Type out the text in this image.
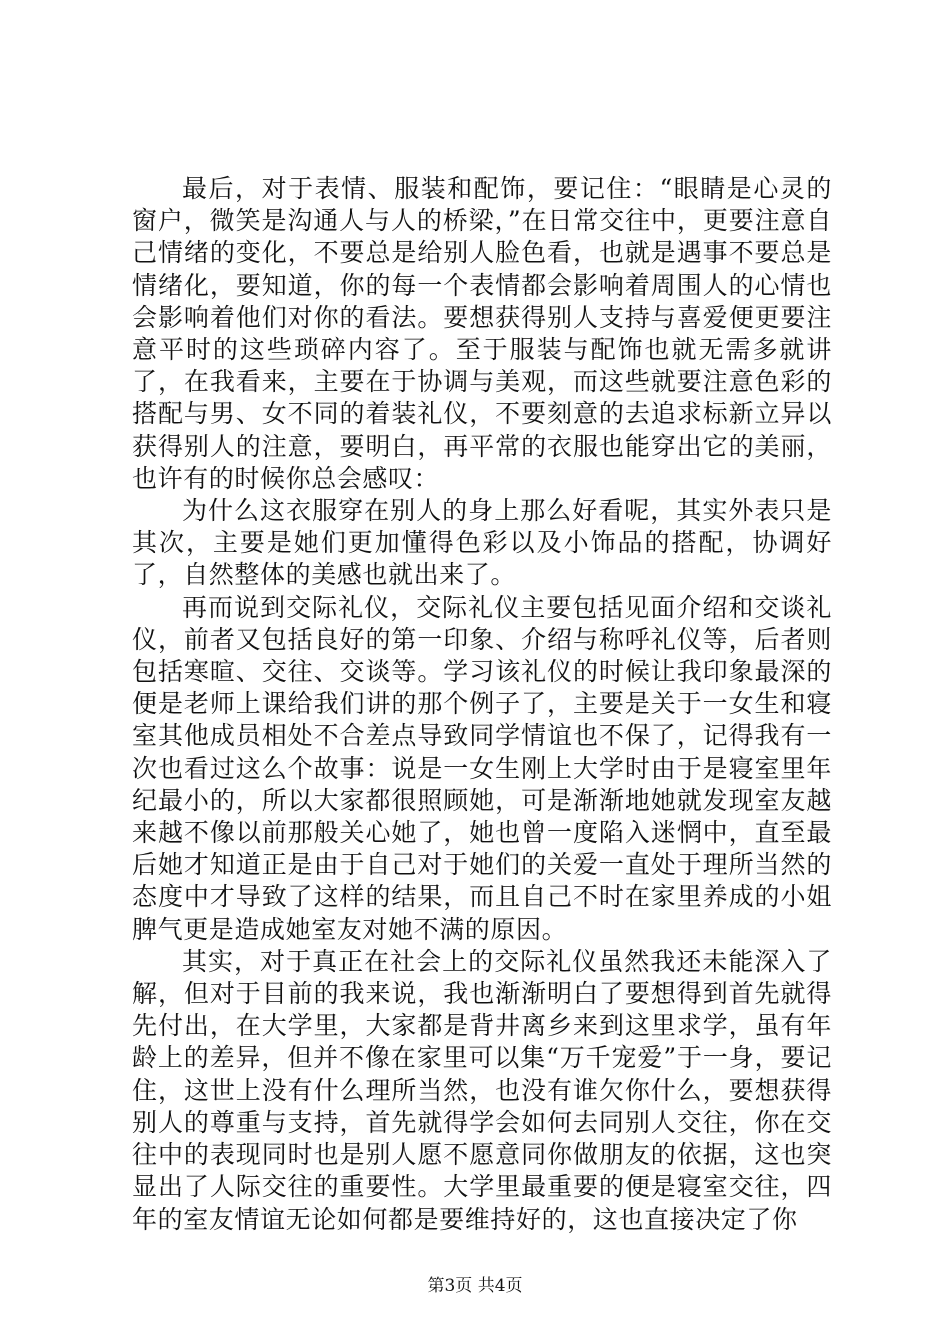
最后，对于表情、服装和配饰，要记住：“眼睛是心灵的窗户，微笑是沟通人与人的桥梁，”在日常交往中，更要注意自己情绪的变化，不要总是给别人脸色看，也就是遇事不要总是情绪化，要知道，你的每一个表情都会影响着周围人的心情也会影响着他们对你的看法。要想获得别人支持与喜爱便更要注意平时的这些琐碎内容了。至于服装与配饰也就无需多就讲了，在我看来，主要在于协调与美观，而这些就要注意色彩的搭配与男、女不同的着装礼仪，不要刻意的去追求标新立异以获得别人的注意，要明白，再平常的衣服也能穿出它的美丽，也许有的时候你总会感叹：

为什么这衣服穿在别人的身上那么好看呢，其实外表只是其次，主要是她们更加懂得色彩以及小饰品的搭配，协调好了，自然整体的美感也就出来了。

再而说到交际礼仪，交际礼仪主要包括见面介绍和交谈礼仪，前者又包括良好的第一印象、介绍与称呼礼仪等，后者则包括寒暄、交往、交谈等。学习该礼仪的时候让我印象最深的便是老师上课给我们讲的那个例子了，主要是关于一女生和寝室其他成员相处不合差点导致同学情谊也不保了，记得我有一次也看过这么个故事：说是一女生刚上大学时由于是寝室里年纪最小的，所以大家都很照顾她，可是渐渐地她就发现室友越来越不像以前那般关心她了，她也曾一度陷入迷惘中，直至最后她才知道正是由于自己对于她们的关爱一直处于理所当然的态度中才导致了这样的结果，而且自己不时在家里养成的小姐脾气更是造成她室友对她不满的原因。

其实，对于真正在社会上的交际礼仪虽然我还未能深入了解，但对于目前的我来说，我也渐渐明白了要想得到首先就得先付出，在大学里，大家都是背井离乡来到这里求学，虽有年龄上的差异，但并不像在家里可以集“万千宠爱”于一身，要记住，这世上没有什么理所当然，也没有谁欠你什么，要想获得别人的尊重与支持，首先就得学会如何去同别人交往，你在交往中的表现同时也是别人愿不愿意同你做朋友的依据，这也突显出了人际交往的重要性。大学里最重要的便是寝室交往，四年的室友情谊无论如何都是要维持好的，这也直接决定了你

第3页 共4页
